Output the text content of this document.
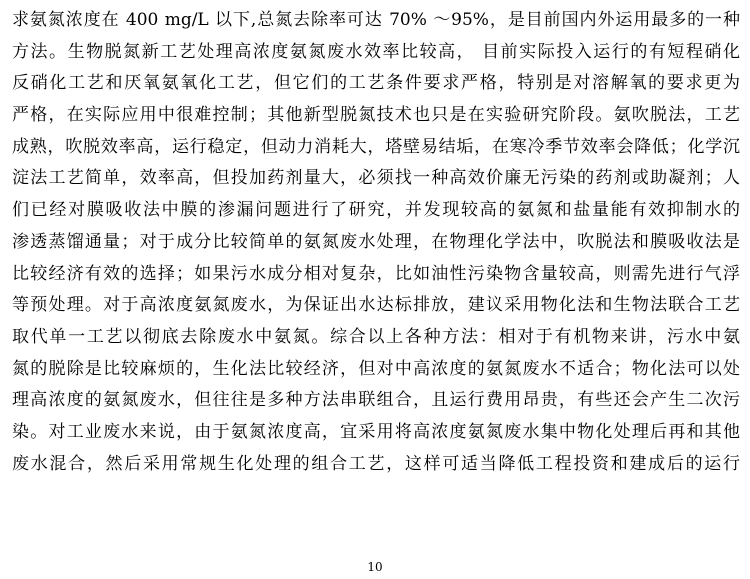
求氨氮浓度在 400 mg/L 以下,总氮去除率可达 70% ～95%，是目前国内外运用最多的一种
方法。生物脱氮新工艺处理高浓度氨氮废水效率比较高， 目前实际投入运行的有短程硝化
反硝化工艺和厌氧氨氧化工艺，但它们的工艺条件要求严格，特别是对溶解氧的要求更为
严格，在实际应用中很难控制；其他新型脱氮技术也只是在实验研究阶段。氨吹脱法，工艺
成熟，吹脱效率高，运行稳定，但动力消耗大，塔壁易结垢，在寒冷季节效率会降低；化学沉
淀法工艺简单，效率高，但投加药剂量大，必须找一种高效价廉无污染的药剂或助凝剂；人
们已经对膜吸收法中膜的渗漏问题进行了研究，并发现较高的氨氮和盐量能有效抑制水的
渗透蒸馏通量；对于成分比较简单的氨氮废水处理，在物理化学法中，吹脱法和膜吸收法是
比较经济有效的选择；如果污水成分相对复杂，比如油性污染物含量较高，则需先进行气浮
等预处理。对于高浓度氨氮废水，为保证出水达标排放，建议采用物化法和生物法联合工艺
取代单一工艺以彻底去除废水中氨氮。综合以上各种方法：相对于有机物来讲，污水中氨
氮的脱除是比较麻烦的，生化法比较经济，但对中高浓度的氨氮废水不适合；物化法可以处
理高浓度的氨氮废水，但往往是多种方法串联组合，且运行费用昂贵，有些还会产生二次污
染。对工业废水来说，由于氨氮浓度高，宜采用将高浓度氨氮废水集中物化处理后再和其他
废水混合，然后采用常规生化处理的组合工艺，这样可适当降低工程投资和建成后的运行
10
